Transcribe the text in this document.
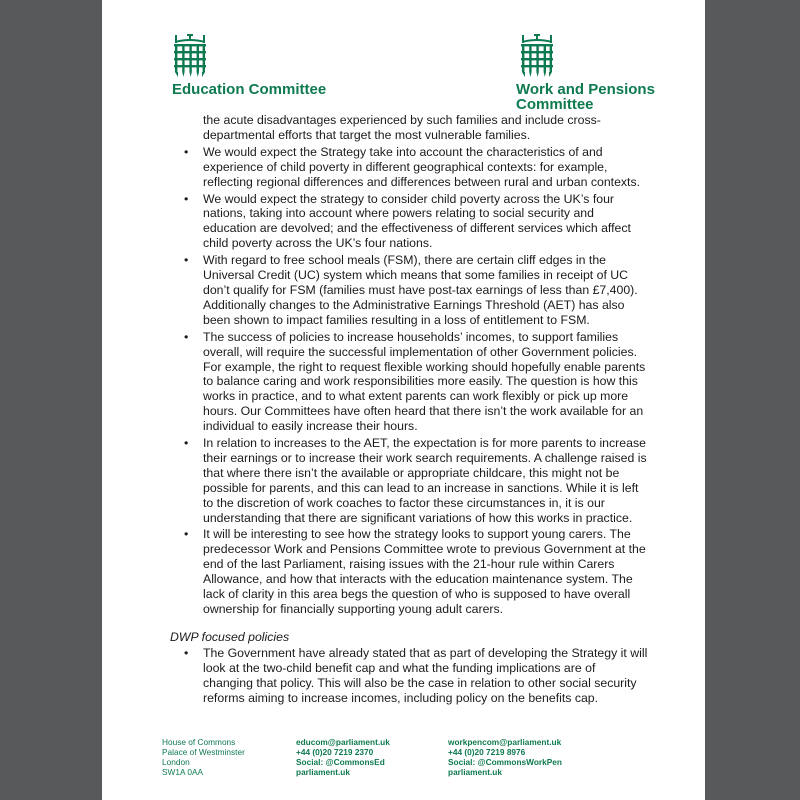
Education Committee	Work and Pensions Committee
the acute disadvantages experienced by such families and include cross-departmental efforts that target the most vulnerable families.
• We would expect the Strategy take into account the characteristics of and experience of child poverty in different geographical contexts: for example, reflecting regional differences and differences between rural and urban contexts.
• We would expect the strategy to consider child poverty across the UK’s four nations, taking into account where powers relating to social security and education are devolved; and the effectiveness of different services which affect child poverty across the UK’s four nations.
• With regard to free school meals (FSM), there are certain cliff edges in the Universal Credit (UC) system which means that some families in receipt of UC don’t qualify for FSM (families must have post-tax earnings of less than £7,400). Additionally changes to the Administrative Earnings Threshold (AET) has also been shown to impact families resulting in a loss of entitlement to FSM.
• The success of policies to increase households’ incomes, to support families overall, will require the successful implementation of other Government policies. For example, the right to request flexible working should hopefully enable parents to balance caring and work responsibilities more easily. The question is how this works in practice, and to what extent parents can work flexibly or pick up more hours. Our Committees have often heard that there isn’t the work available for an individual to easily increase their hours.
• In relation to increases to the AET, the expectation is for more parents to increase their earnings or to increase their work search requirements. A challenge raised is that where there isn’t the available or appropriate childcare, this might not be possible for parents, and this can lead to an increase in sanctions. While it is left to the discretion of work coaches to factor these circumstances in, it is our understanding that there are significant variations of how this works in practice.
• It will be interesting to see how the strategy looks to support young carers. The predecessor Work and Pensions Committee wrote to previous Government at the end of the last Parliament, raising issues with the 21-hour rule within Carers Allowance, and how that interacts with the education maintenance system. The lack of clarity in this area begs the question of who is supposed to have overall ownership for financially supporting young adult carers.
DWP focused policies
• The Government have already stated that as part of developing the Strategy it will look at the two-child benefit cap and what the funding implications are of changing that policy. This will also be the case in relation to other social security reforms aiming to increase incomes, including policy on the benefits cap.
House of Commons
Palace of Westminster
London
SW1A 0AA
educom@parliament.uk
+44 (0)20 7219 2370
Social: @CommonsEd
parliament.uk
workpencom@parliament.uk
+44 (0)20 7219 8976
Social: @CommonsWorkPen
parliament.uk
